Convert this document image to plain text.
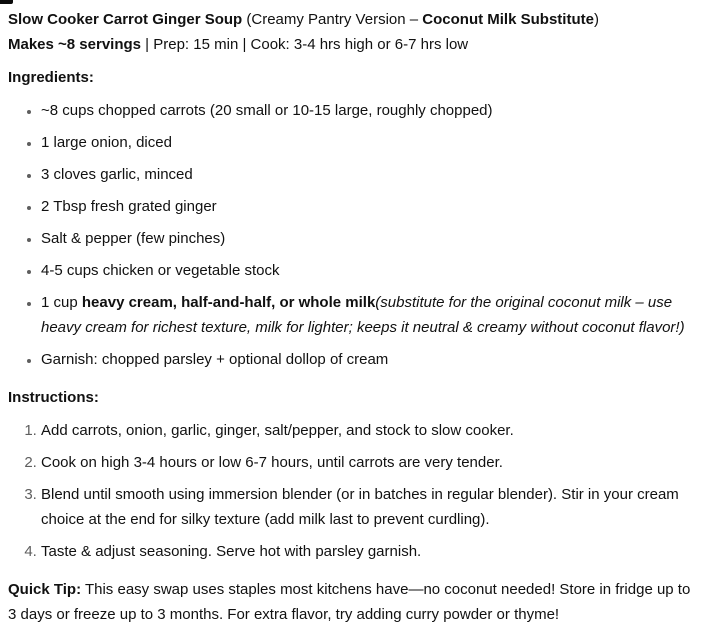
Slow Cooker Carrot Ginger Soup (Creamy Pantry Version – Coconut Milk Substitute)
Makes ~8 servings | Prep: 15 min | Cook: 3-4 hrs high or 6-7 hrs low

Ingredients:

• ~8 cups chopped carrots (20 small or 10-15 large, roughly chopped)
• 1 large onion, diced
• 3 cloves garlic, minced
• 2 Tbsp fresh grated ginger
• Salt & pepper (few pinches)
• 4-5 cups chicken or vegetable stock
• 1 cup heavy cream, half-and-half, or whole milk(substitute for the original coconut milk – use heavy cream for richest texture, milk for lighter; keeps it neutral & creamy without coconut flavor!)
• Garnish: chopped parsley + optional dollop of cream

Instructions:

1. Add carrots, onion, garlic, ginger, salt/pepper, and stock to slow cooker.
2. Cook on high 3-4 hours or low 6-7 hours, until carrots are very tender.
3. Blend until smooth using immersion blender (or in batches in regular blender). Stir in your cream choice at the end for silky texture (add milk last to prevent curdling).
4. Taste & adjust seasoning. Serve hot with parsley garnish.

Quick Tip: This easy swap uses staples most kitchens have—no coconut needed! Store in fridge up to 3 days or freeze up to 3 months. For extra flavor, try adding curry powder or thyme!
